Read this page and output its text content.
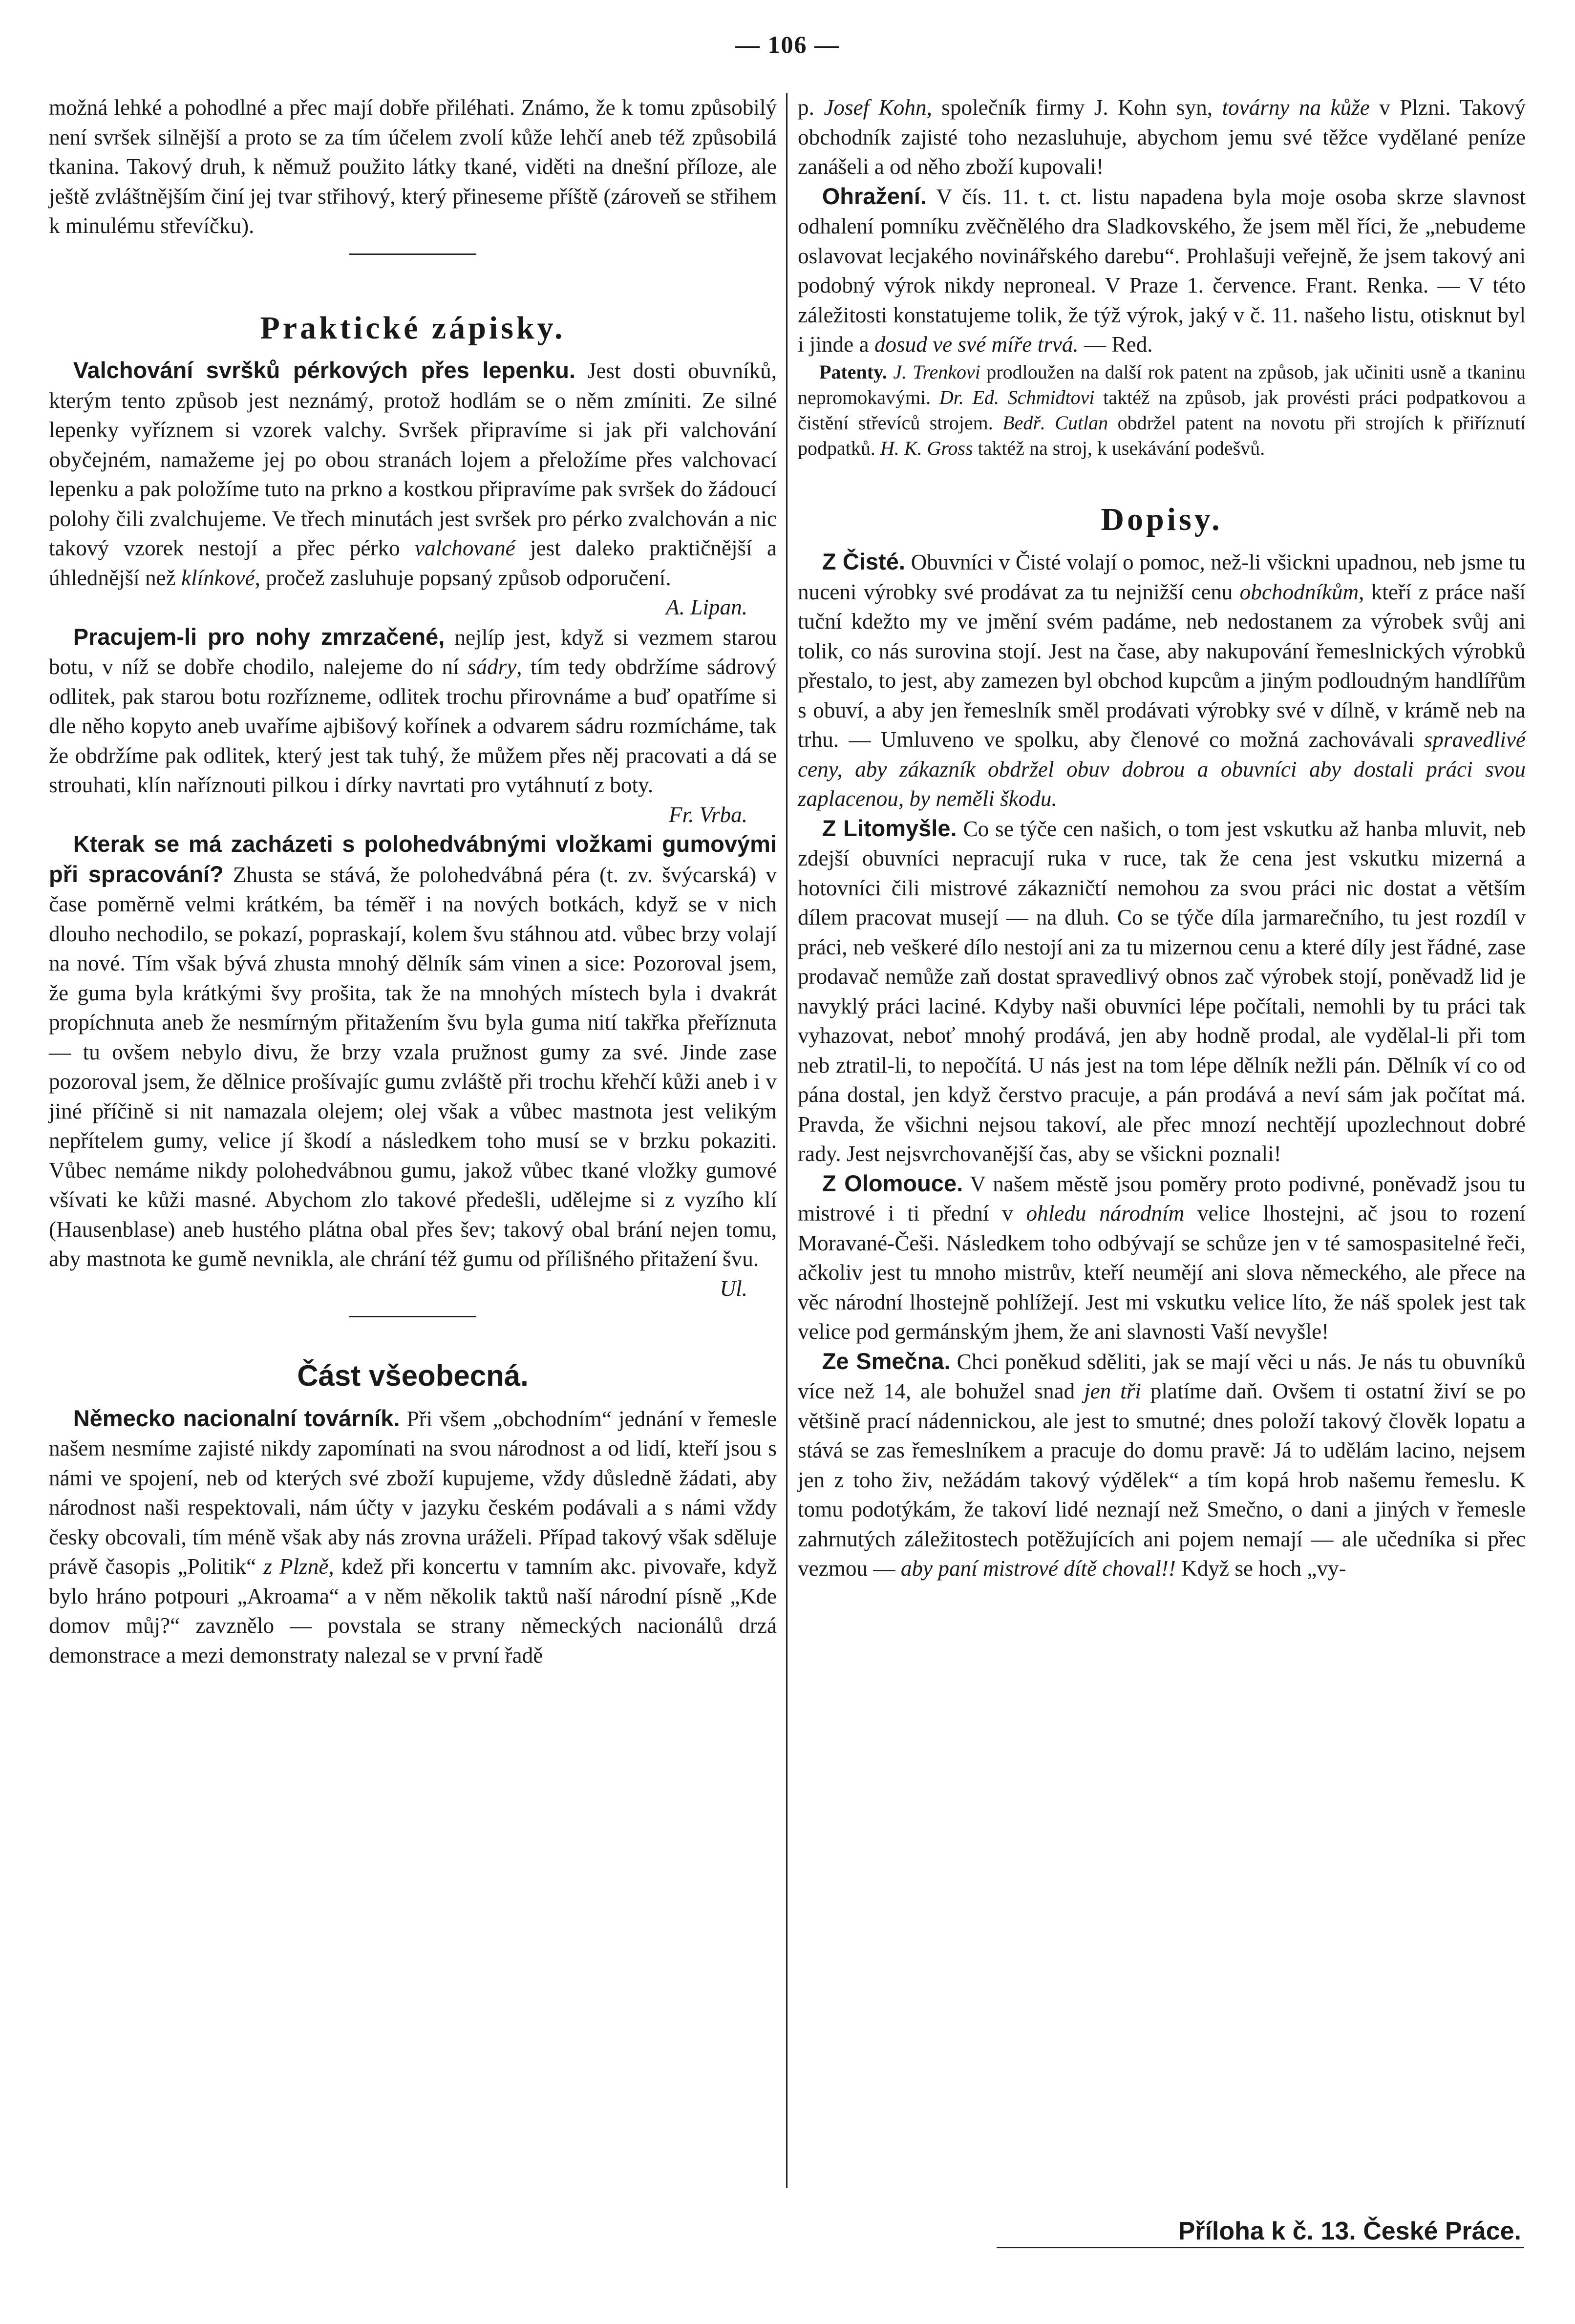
— 106 —

možná lehké a pohodlné a přec mají dobře přiléhati. Známo, že k tomu způsobilý není svršek silnější a proto se za tím účelem zvolí kůže lehčí aneb též způsobilá tkanina. Takový druh, k němuž použito látky tkané, viděti na dnešní příloze, ale ještě zvláštnějším činí jej tvar střihový, který přineseme příště (zároveň se střihem k minulému střevíčku).

Praktické zápisky.

Valchování svršků pérkových přes lepenku. Jest dosti obuvníků, kterým tento způsob jest neznámý, protož hodlám se o něm zmíniti. Ze silné lepenky vyříznem si vzorek valchy. Svršek připravíme si jak při valchování obyčejném, namažeme jej po obou stranách lojem a přeložíme přes valchovací lepenku a pak položíme tuto na prkno a kostkou připravíme pak svršek do žádoucí polohy čili zvalchujeme. Ve třech minutách jest svršek pro pérko zvalchován a nic takový vzorek nestojí a přec pérko valchované jest daleko praktičnější a úhlednější než klínkové, pročež zasluhuje popsaný způsob odporučení.

A. Lipan.

Pracujem-li pro nohy zmrzačené, nejlíp jest, když si vezmem starou botu, v níž se dobře chodilo, nalejeme do ní sádry, tím tedy obdržíme sádrový odlitek, pak starou botu rozřízneme, odlitek trochu přirovnáme a buď opatříme si dle něho kopyto aneb uvaříme ajbišový kořínek a odvarem sádru rozmícháme, tak že obdržíme pak odlitek, který jest tak tuhý, že můžem přes něj pracovati a dá se strouhati, klín naříznouti pilkou i dírky navrtati pro vytáhnutí z boty.

Fr. Vrba.

Kterak se má zacházeti s polohedvábnými vložkami gumovými při spracování? Zhusta se stává, že polohedvábná péra (t. zv. švýcarská) v čase poměrně velmi krátkém, ba téměř i na nových botkách, když se v nich dlouho nechodilo, se pokazí, popraskají, kolem švu stáhnou atd. vůbec brzy volají na nové. Tím však bývá zhusta mnohý dělník sám vinen a sice: Pozoroval jsem, že guma byla krátkými švy prošita, tak že na mnohých místech byla i dvakrát propíchnuta aneb že nesmírným přitažením švu byla guma nití takřka přeříznuta — tu ovšem nebylo divu, že brzy vzala pružnost gumy za své. Jinde zase pozoroval jsem, že dělnice prošívajíc gumu zvláště při trochu křehčí kůži aneb i v jiné příčině si nit namazala olejem; olej však a vůbec mastnota jest velikým nepřítelem gumy, velice jí škodí a následkem toho musí se v brzku pokaziti. Vůbec nemáme nikdy polohedvábnou gumu, jakož vůbec tkané vložky gumové všívati ke kůži masné. Abychom zlo takové předešli, udělejme si z vyzího klí (Hausenblase) aneb hustého plátna obal přes šev; takový obal brání nejen tomu, aby mastnota ke gumě nevnikla, ale chrání též gumu od přílišného přitažení švu.

Ul.
Část všeobecná.

Německo nacionalní továrník. Při všem „obchodním“ jednání v řemesle našem nesmíme zajisté nikdy zapomínati na svou národnost a od lidí, kteří jsou s námi ve spojení, neb od kterých své zboží kupujeme, vždy důsledně žádati, aby národnost naši respektovali, nám účty v jazyku českém podávali a s námi vždy česky obcovali, tím méně však aby nás zrovna uráželi. Případ takový však sděluje právě časopis „Politik“ z Plzně, kdež při koncertu v tamním akc. pivovaře, když bylo hráno potpouri „Akroama“ a v něm několik taktů naší národní písně „Kde domov můj?“ zavznělo — povstala se strany německých nacionálů drzá demonstrace a mezi demonstraty nalezal se v první řadě

p. Josef Kohn, společník firmy J. Kohn syn, továrny na kůže v Plzni. Takový obchodník zajisté toho nezasluhuje, abychom jemu své těžce vydělané peníze zanášeli a od něho zboží kupovali!

Ohražení. V čís. 11. t. ct. listu napadena byla moje osoba skrze slavnost odhalení pomníku zvěčnělého dra Sladkovského, že jsem měl říci, že „nebudeme oslavovat lecjakého novinářského darebu“. Prohlašuji veřejně, že jsem takový ani podobný výrok nikdy neproneal. V Praze 1. července. Frant. Renka. — V této záležitosti konstatujeme tolik, že týž výrok, jaký v č. 11. našeho listu, otisknut byl i jinde a dosud ve své míře trvá. — Red.

Patenty. J. Trenkovi prodloužen na další rok patent na způsob, jak učiniti usně a tkaninu nepromokavými. Dr. Ed. Schmidtovi taktéž na způsob, jak provésti práci podpatkovou a čistění střevíců strojem. Bedř. Cutlan obdržel patent na novotu při strojích k přiříznutí podpatků. H. K. Gross taktéž na stroj, k usekávání podešvů.

Dopisy.

Z Čisté. Obuvníci v Čisté volají o pomoc, než-li všickni upadnou, neb jsme tu nuceni výrobky své prodávat za tu nejnižší cenu obchodníkům, kteří z práce naší tuční kdežto my ve jmění svém padáme, neb nedostanem za výrobek svůj ani tolik, co nás surovina stojí. Jest na čase, aby nakupování řemeslnických výrobků přestalo, to jest, aby zamezen byl obchod kupcům a jiným podloudným handlířům s obuví, a aby jen řemeslník směl prodávati výrobky své v dílně, v krámě neb na trhu. — Umluveno ve spolku, aby členové co možná zachovávali spravedlivé ceny, aby zákazník obdržel obuv dobrou a obuvníci aby dostali práci svou zaplacenou, by neměli škodu.

Z Litomyšle. Co se týče cen našich, o tom jest vskutku až hanba mluvit, neb zdejší obuvníci nepracují ruka v ruce, tak že cena jest vskutku mizerná a hotovníci čili mistrové zákazničtí nemohou za svou práci nic dostat a větším dílem pracovat musejí — na dluh. Co se týče díla jarmarečního, tu jest rozdíl v práci, neb veškeré dílo nestojí ani za tu mizernou cenu a které díly jest řádné, zase prodavač nemůže zaň dostat spravedlivý obnos zač výrobek stojí, poněvadž lid je navyklý práci laciné. Kdyby naši obuvníci lépe počítali, nemohli by tu práci tak vyhazovat, neboť mnohý prodává, jen aby hodně prodal, ale vydělal-li při tom neb ztratil-li, to nepočítá. U nás jest na tom lépe dělník nežli pán. Dělník ví co od pána dostal, jen když čerstvo pracuje, a pán prodává a neví sám jak počítat má. Pravda, že všichni nejsou takoví, ale přec mnozí nechtějí upozlechnout dobré rady. Jest nejsvrchovanější čas, aby se všickni poznali!

Z Olomouce. V našem městě jsou poměry proto podivné, poněvadž jsou tu mistrové i ti přední v ohledu národním velice lhostejni, ač jsou to rození Moravané-Češi. Následkem toho odbývají se schůze jen v té samospasitelné řeči, ačkoliv jest tu mnoho mistrův, kteří neumějí ani slova německého, ale přece na věc národní lhostejně pohlížejí. Jest mi vskutku velice líto, že náš spolek jest tak velice pod germánským jhem, že ani slavnosti Vaší nevyšle!

Ze Smečna. Chci poněkud sděliti, jak se mají věci u nás. Je nás tu obuvníků více než 14, ale bohužel snad jen tři platíme daň. Ovšem ti ostatní živí se po většině prací nádennickou, ale jest to smutné; dnes položí takový člověk lopatu a stává se zas řemeslníkem a pracuje do domu pravě: Já to udělám lacino, nejsem jen z toho živ, nežádám takový výdělek“ a tím kopá hrob našemu řemeslu. K tomu podotýkám, že takoví lidé neznají než Smečno, o dani a jiných v řemesle zahrnutých záležitostech potěžujících ani pojem nemají — ale učedníka si přec vezmou — aby paní mistrové dítě choval!! Když se hoch „vy-

Příloha k č. 13. České Práce.
